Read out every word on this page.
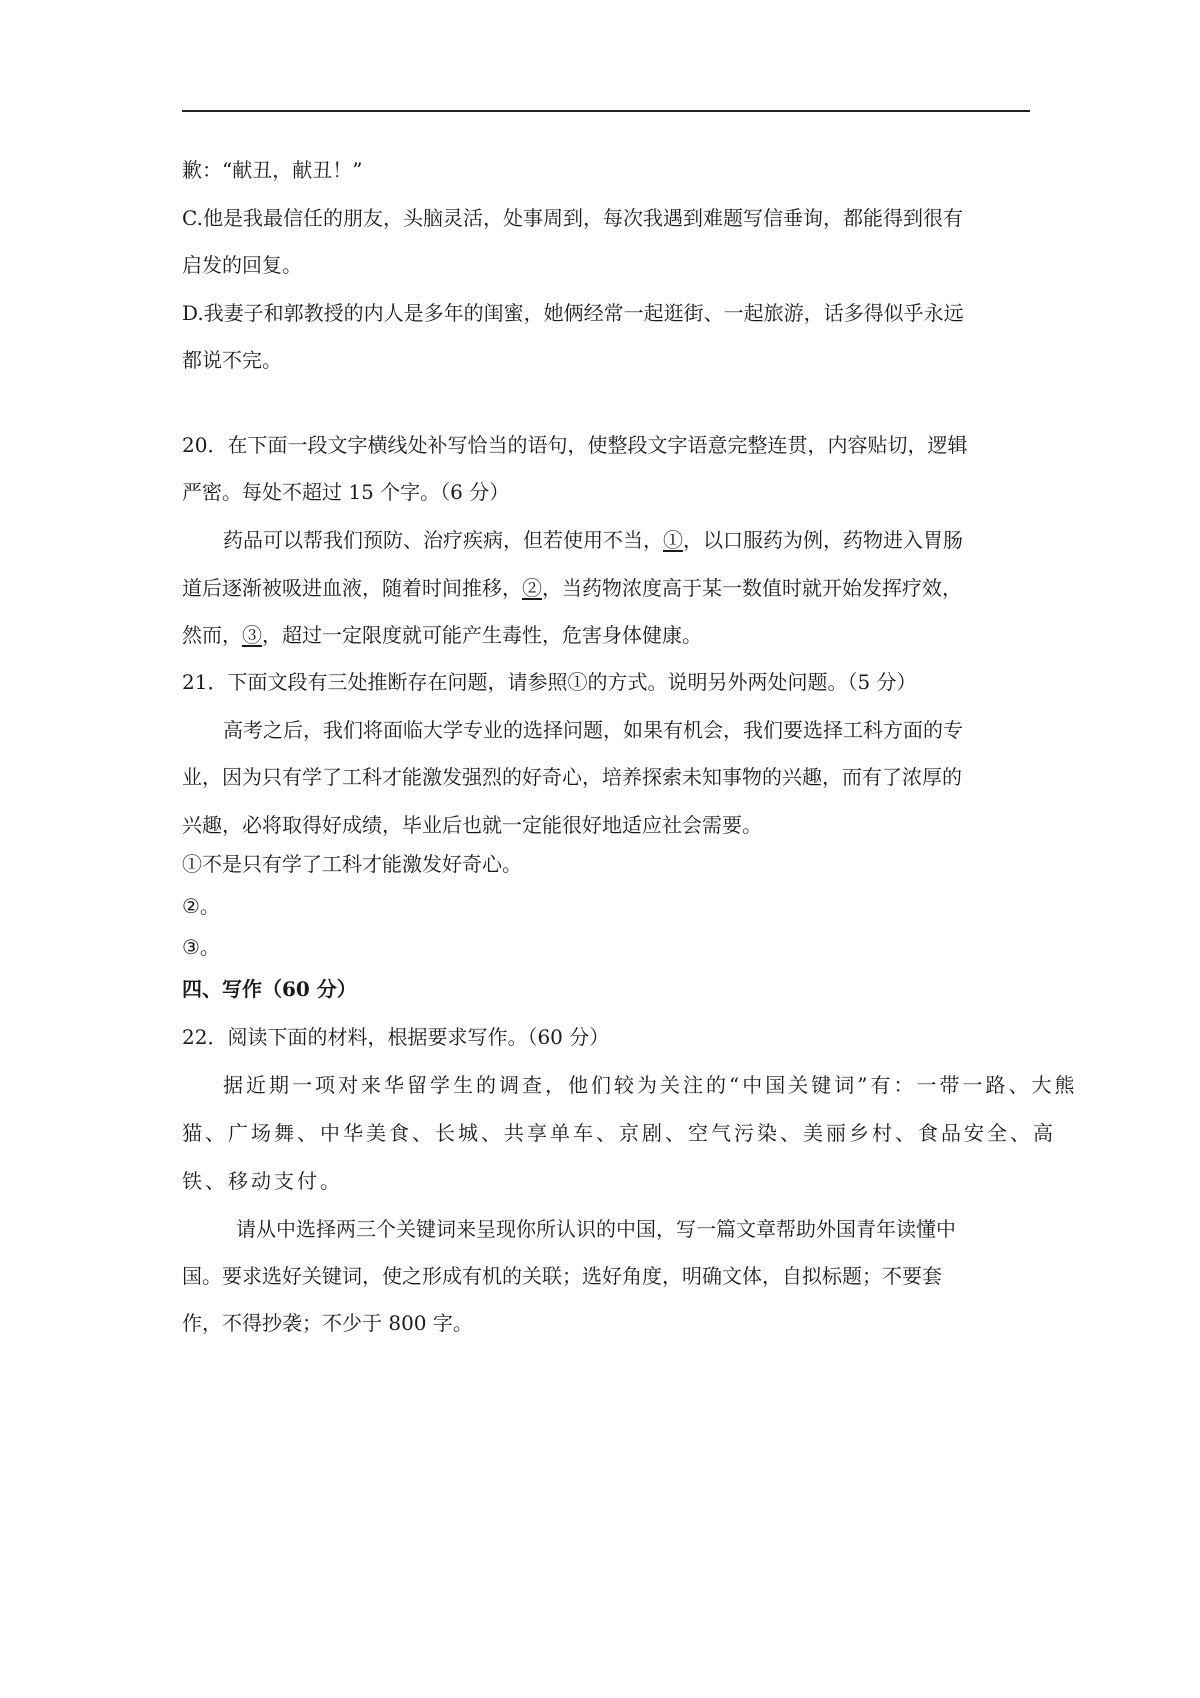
歉：“献丑，献丑！”
C.他是我最信任的朋友，头脑灵活，处事周到，每次我遇到难题写信垂询，都能得到很有
启发的回复。
D.我妻子和郭教授的内人是多年的闺蜜，她俩经常一起逛街、一起旅游，话多得似乎永远
都说不完。
20．在下面一段文字横线处补写恰当的语句，使整段文字语意完整连贯，内容贴切，逻辑
严密。每处不超过 15 个字。（6 分）
药品可以帮我们预防、治疗疾病，但若使用不当，①，以口服药为例，药物进入胃肠
道后逐渐被吸进血液，随着时间推移，②，当药物浓度高于某一数值时就开始发挥疗效，
然而，③，超过一定限度就可能产生毒性，危害身体健康。
21．下面文段有三处推断存在问题，请参照①的方式。说明另外两处问题。（5 分）
高考之后，我们将面临大学专业的选择问题，如果有机会，我们要选择工科方面的专
业，因为只有学了工科才能激发强烈的好奇心，培养探索未知事物的兴趣，而有了浓厚的
兴趣，必将取得好成绩，毕业后也就一定能很好地适应社会需要。
①不是只有学了工科才能激发好奇心。
②。
③。
四、写作（60 分）
22．阅读下面的材料，根据要求写作。（60 分）
据近期一项对来华留学生的调查，他们较为关注的“中国关键词”有：一带一路、大熊
猫、广场舞、中华美食、长城、共享单车、京剧、空气污染、美丽乡村、食品安全、高
铁、移动支付。
请从中选择两三个关键词来呈现你所认识的中国，写一篇文章帮助外国青年读懂中
国。要求选好关键词，使之形成有机的关联；选好角度，明确文体，自拟标题；不要套
作，不得抄袭；不少于 800 字。
